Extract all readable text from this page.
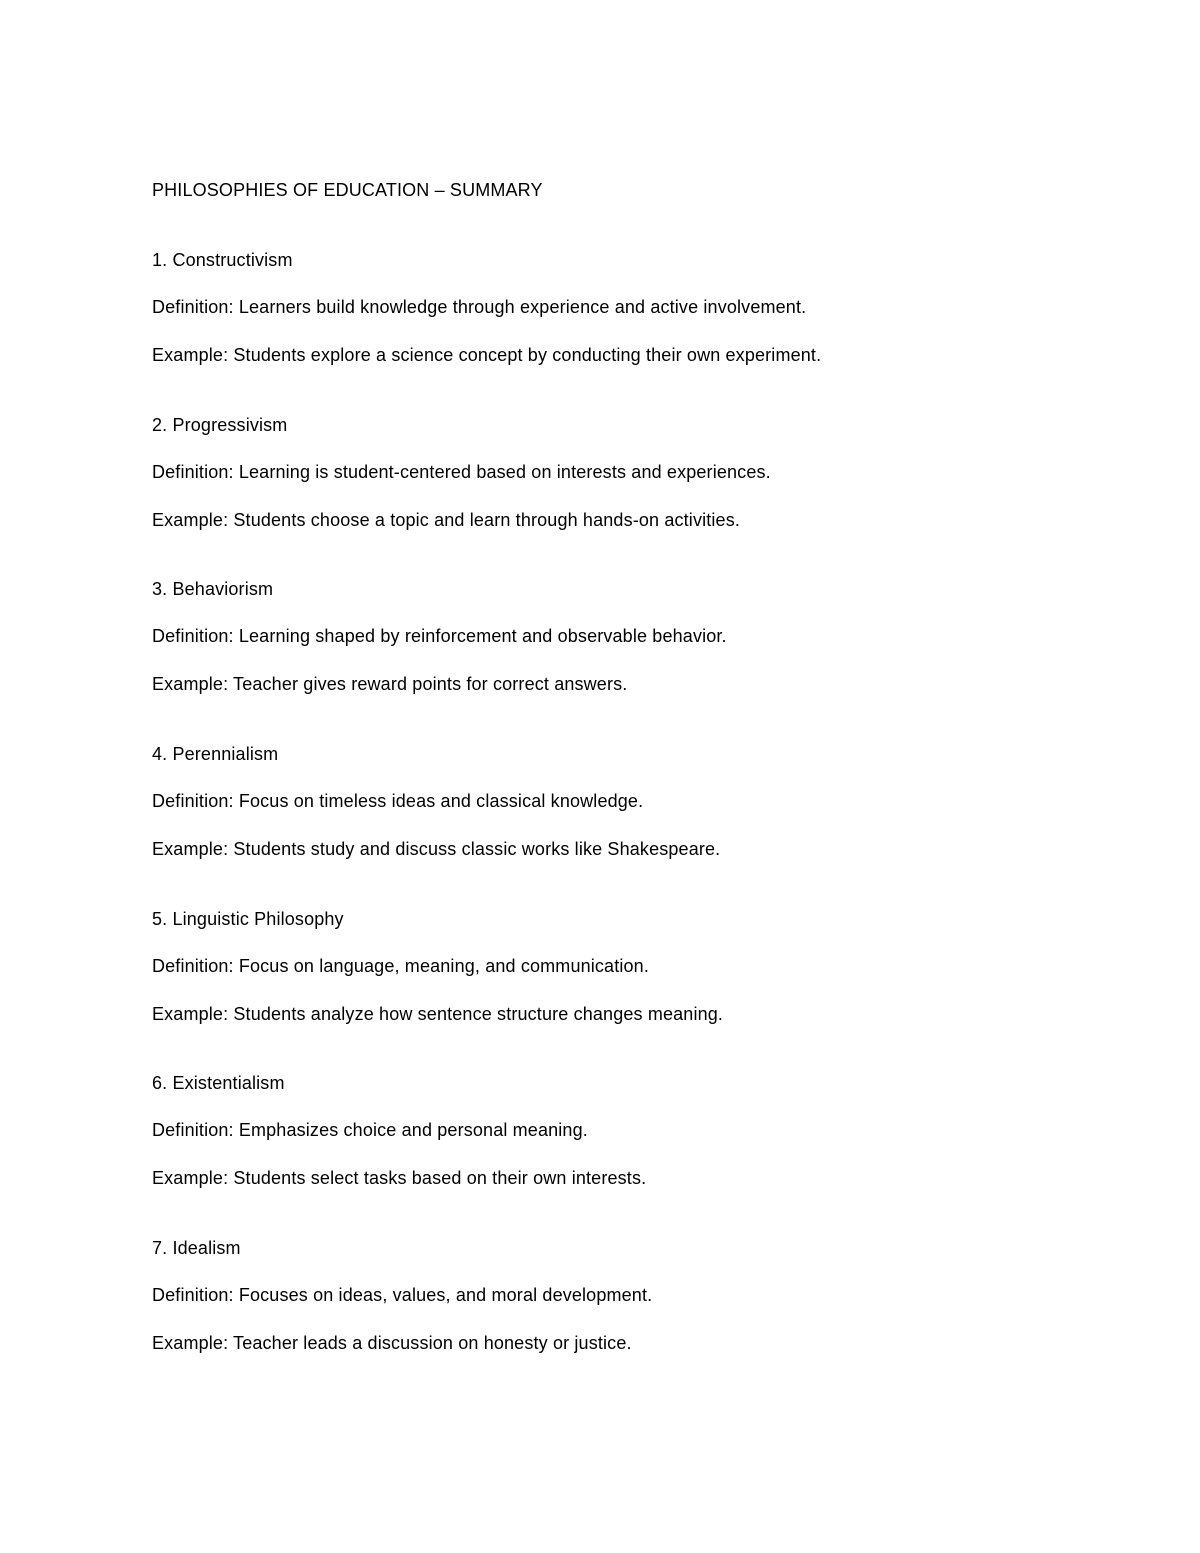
PHILOSOPHIES OF EDUCATION – SUMMARY
1. Constructivism
Definition: Learners build knowledge through experience and active involvement.
Example: Students explore a science concept by conducting their own experiment.
2. Progressivism
Definition: Learning is student-centered based on interests and experiences.
Example: Students choose a topic and learn through hands-on activities.
3. Behaviorism
Definition: Learning shaped by reinforcement and observable behavior.
Example: Teacher gives reward points for correct answers.
4. Perennialism
Definition: Focus on timeless ideas and classical knowledge.
Example: Students study and discuss classic works like Shakespeare.
5. Linguistic Philosophy
Definition: Focus on language, meaning, and communication.
Example: Students analyze how sentence structure changes meaning.
6. Existentialism
Definition: Emphasizes choice and personal meaning.
Example: Students select tasks based on their own interests.
7. Idealism
Definition: Focuses on ideas, values, and moral development.
Example: Teacher leads a discussion on honesty or justice.
